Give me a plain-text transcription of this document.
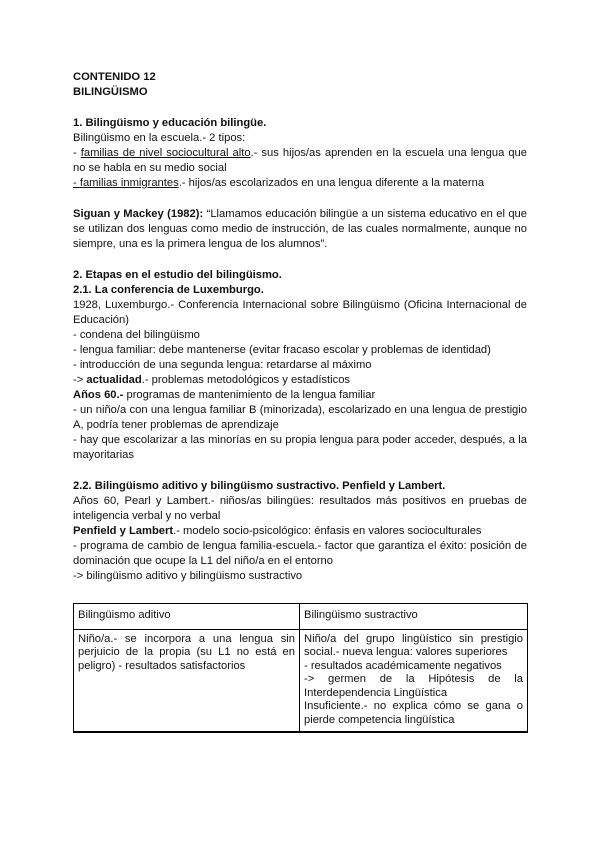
CONTENIDO 12

BILINGÜISMO

1. Bilingüismo y educación bilingüe.

Bilingüismo en la escuela.- 2 tipos:

- familias de nivel sociocultural alto.- sus hijos/as aprenden en la escuela una lengua que no se habla en su medio social

- familias inmigrantes.- hijos/as escolarizados en una lengua diferente a la materna

Siguan y Mackey (1982): “Llamamos educación bilingüe a un sistema educativo en el que se utilizan dos lenguas como medio de instrucción, de las cuales normalmente, aunque no siempre, una es la primera lengua de los alumnos”.

2. Etapas en el estudio del bilingüismo.

2.1. La conferencia de Luxemburgo.

1928, Luxemburgo.- Conferencia Internacional sobre Bilingüismo (Oficina Internacional de Educación)

- condena del bilingüismo

- lengua familiar: debe mantenerse (evitar fracaso escolar y problemas de identidad)

- introducción de una segunda lengua: retardarse al máximo

-> actualidad.- problemas metodológicos y estadísticos

Años 60.- programas de mantenimiento de la lengua familiar

- un niño/a con una lengua familiar B (minorizada), escolarizado en una lengua de prestigio A, podría tener problemas de aprendizaje

- hay que escolarizar a las minorías en su propia lengua para poder acceder, después, a la mayoritarias

2.2. Bilingüismo aditivo y bilingüismo sustractivo. Penfield y Lambert.

Años 60, Pearl y Lambert.- niños/as bilingües: resultados más positivos en pruebas de inteligencia verbal y no verbal

Penfield y Lambert.- modelo socio-psicológico: énfasis en valores socioculturales

- programa de cambio de lengua familia-escuela.- factor que garantiza el éxito: posición de dominación que ocupe la L1 del niño/a en el entorno

-> bilingüismo aditivo y bilingüismo sustractivo

Bilingüismo aditivo	Bilingüismo sustractivo
Niño/a.- se incorpora a una lengua sin perjuicio de la propia (su L1 no está en peligro) - resultados satisfactorios	Niño/a del grupo lingüístico sin prestigio social.- nueva lengua: valores superiores
- resultados académicamente negativos
-> germen de la Hipótesis de la Interdependencia Lingüística
Insuficiente.- no explica cómo se gana o pierde competencia lingüística
